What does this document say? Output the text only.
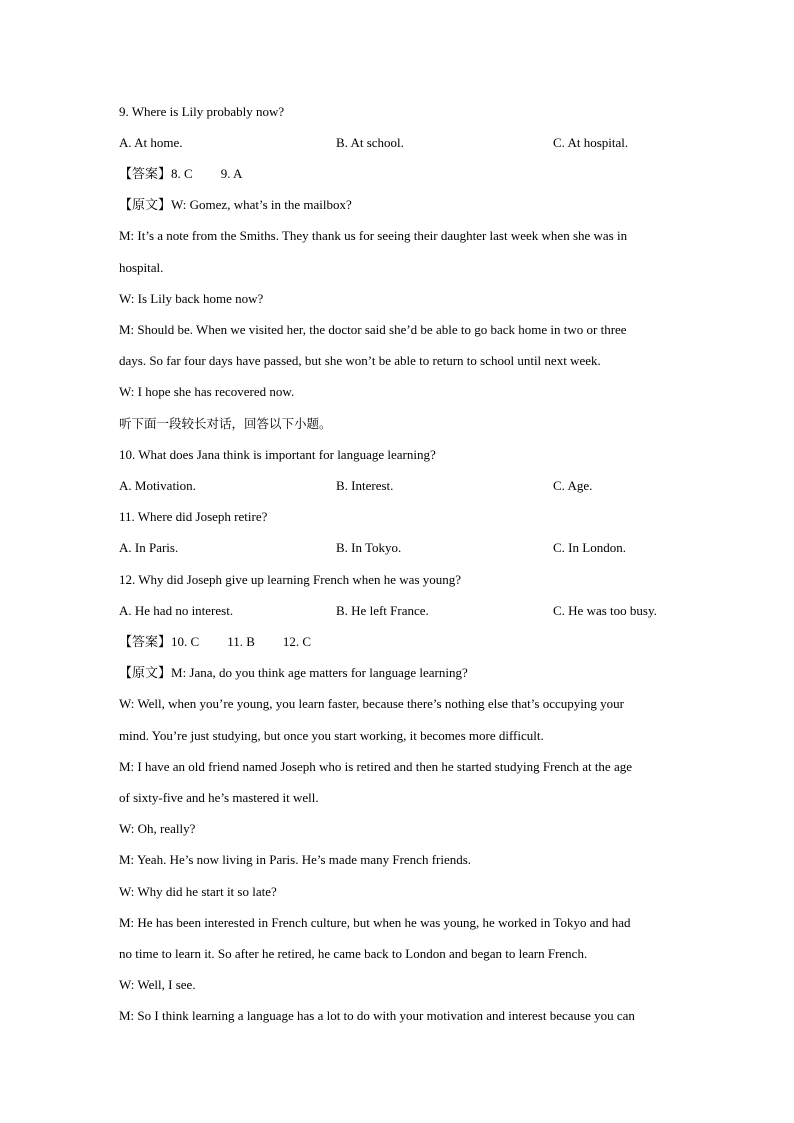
9. Where is Lily probably now?
A. At home.	B. At school.	C. At hospital.
【答案】8. C 9. A
【原文】W: Gomez, what’s in the mailbox?
M: It’s a note from the Smiths. They thank us for seeing their daughter last week when she was in
hospital.
W: Is Lily back home now?
M: Should be. When we visited her, the doctor said she’d be able to go back home in two or three
days. So far four days have passed, but she won’t be able to return to school until next week.
W: I hope she has recovered now.
听下面一段较长对话，回答以下小题。
10. What does Jana think is important for language learning?
A. Motivation.	B. Interest.	C. Age.
11. Where did Joseph retire?
A. In Paris.	B. In Tokyo.	C. In London.
12. Why did Joseph give up learning French when he was young?
A. He had no interest.	B. He left France.	C. He was too busy.
【答案】10. C 11. B 12. C
【原文】M: Jana, do you think age matters for language learning?
W: Well, when you’re young, you learn faster, because there’s nothing else that’s occupying your
mind. You’re just studying, but once you start working, it becomes more difficult.
M: I have an old friend named Joseph who is retired and then he started studying French at the age
of sixty-five and he’s mastered it well.
W: Oh, really?
M: Yeah. He’s now living in Paris. He’s made many French friends.
W: Why did he start it so late?
M: He has been interested in French culture, but when he was young, he worked in Tokyo and had
no time to learn it. So after he retired, he came back to London and began to learn French.
W: Well, I see.
M: So I think learning a language has a lot to do with your motivation and interest because you can
